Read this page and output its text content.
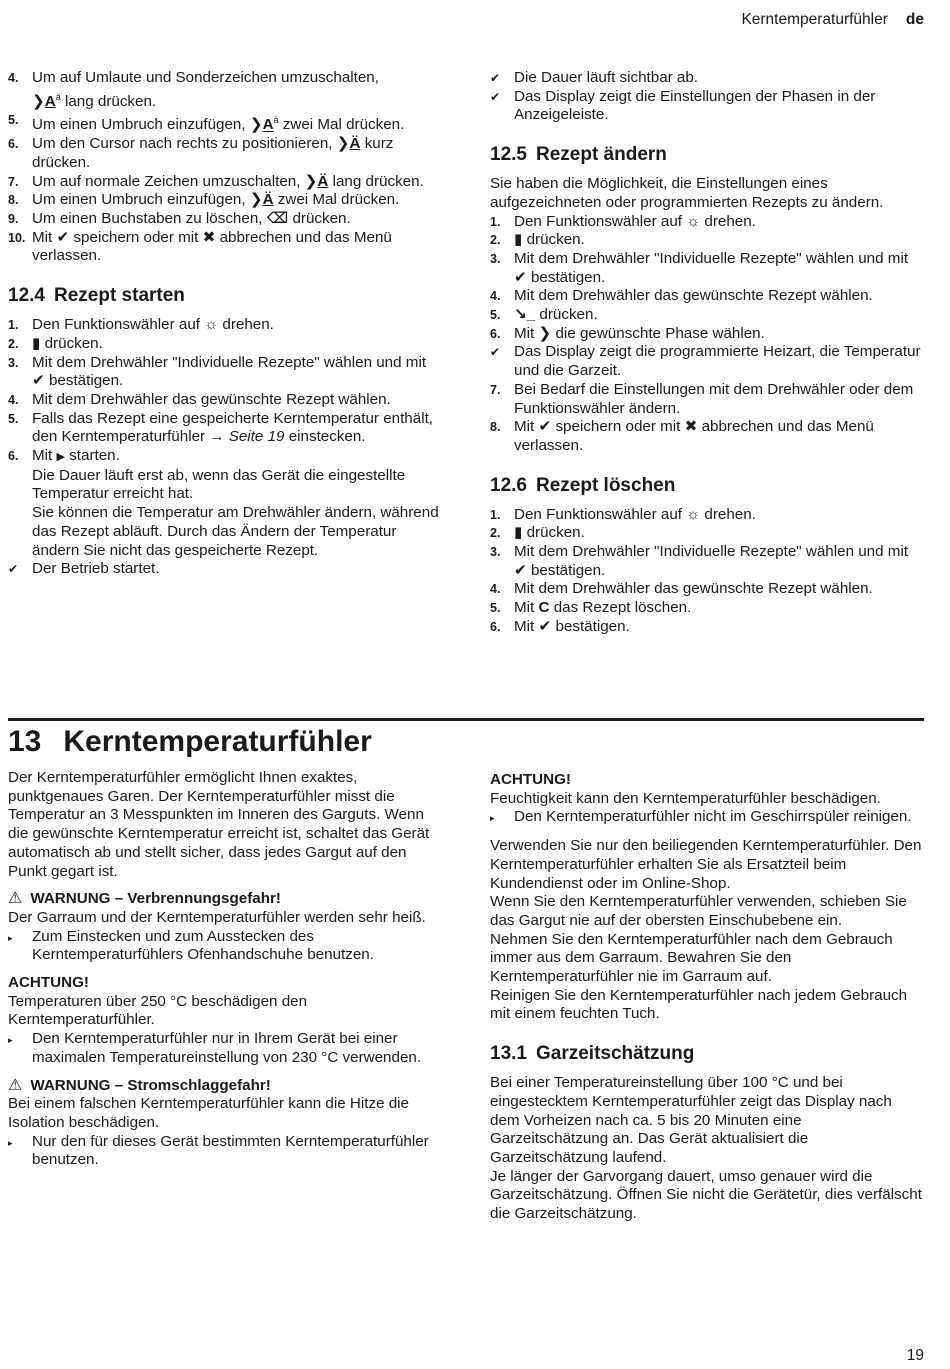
Kerntemperaturfühler de
4. Um auf Umlaute und Sonderzeichen umzuschalten,
$❯A^ä$ lang drücken.
5. Um einen Umbruch einzufügen, $❯A^ä$ zwei Mal drücken.
6. Um den Cursor nach rechts zu positionieren, ❯Ä kurz drücken.
7. Um auf normale Zeichen umzuschalten, ❯Ä lang drücken.
8. Um einen Umbruch einzufügen, ❯Ä zwei Mal drücken.
9. Um einen Buchstaben zu löschen, ⌫ drücken.
10. Mit ✔ speichern oder mit ✖ abbrechen und das Menü verlassen.
12.4 Rezept starten
1. Den Funktionswähler auf ☼ drehen.
2. ▮ drücken.
3. Mit dem Drehwähler "Individuelle Rezepte" wählen und mit ✔ bestätigen.
4. Mit dem Drehwähler das gewünschte Rezept wählen.
5. Falls das Rezept eine gespeicherte Kerntemperatur enthält, den Kerntemperaturfühler → Seite 19 einstecken.
6. Mit ▶ starten.
Die Dauer läuft erst ab, wenn das Gerät die eingestellte Temperatur erreicht hat.
Sie können die Temperatur am Drehwähler ändern, während das Rezept abläuft. Durch das Ändern der Temperatur ändern Sie nicht das gespeicherte Rezept.
✔ Der Betrieb startet.
✔ Die Dauer läuft sichtbar ab.
✔ Das Display zeigt die Einstellungen der Phasen in der Anzeigeleiste.
12.5 Rezept ändern

Sie haben die Möglichkeit, die Einstellungen eines aufgezeichneten oder programmierten Rezepts zu ändern.

1. Den Funktionswähler auf ☼ drehen.
2. ▮ drücken.
3. Mit dem Drehwähler "Individuelle Rezepte" wählen und mit ✔ bestätigen.
4. Mit dem Drehwähler das gewünschte Rezept wählen.
5. ↘_ drücken.
6. Mit ❯ die gewünschte Phase wählen.
✔ Das Display zeigt die programmierte Heizart, die Temperatur und die Garzeit.
7. Bei Bedarf die Einstellungen mit dem Drehwähler oder dem Funktionswähler ändern.
8. Mit ✔ speichern oder mit ✖ abbrechen und das Menü verlassen.
12.6 Rezept löschen
1. Den Funktionswähler auf ☼ drehen.
2. ▮ drücken.
3. Mit dem Drehwähler "Individuelle Rezepte" wählen und mit ✔ bestätigen.
4. Mit dem Drehwähler das gewünschte Rezept wählen.
5. Mit C das Rezept löschen.
6. Mit ✔ bestätigen.
13 Kerntemperaturfühler

Der Kerntemperaturfühler ermöglicht Ihnen exaktes, punktgenaues Garen. Der Kerntemperaturfühler misst die Temperatur an 3 Messpunkten im Inneren des Garguts. Wenn die gewünschte Kerntemperatur erreicht ist, schaltet das Gerät automatisch ab und stellt sicher, dass jedes Gargut auf den Punkt gegart ist.

⚠ WARNUNG – Verbrennungsgefahr!

Der Garraum und der Kerntemperaturfühler werden sehr heiß.

▸	Zum Einstecken und zum Ausstecken des Kerntemperaturfühlers Ofenhandschuhe benutzen.
ACHTUNG!

Temperaturen über 250 °C beschädigen den Kerntemperaturfühler.

▸	Den Kerntemperaturfühler nur in Ihrem Gerät bei einer maximalen Temperatureinstellung von 230 °C verwenden.
⚠ WARNUNG – Stromschlaggefahr!

Bei einem falschen Kerntemperaturfühler kann die Hitze die Isolation beschädigen.

▸	Nur den für dieses Gerät bestimmten Kerntemperaturfühler benutzen.
ACHTUNG!

Feuchtigkeit kann den Kerntemperaturfühler beschädigen.

▸	Den Kerntemperaturfühler nicht im Geschirrspüler reinigen.

Verwenden Sie nur den beiliegenden Kerntemperaturfühler. Den Kerntemperaturfühler erhalten Sie als Ersatzteil beim Kundendienst oder im Online-Shop.

Wenn Sie den Kerntemperaturfühler verwenden, schieben Sie das Gargut nie auf der obersten Einschubebene ein.

Nehmen Sie den Kerntemperaturfühler nach dem Gebrauch immer aus dem Garraum. Bewahren Sie den Kerntemperaturfühler nie im Garraum auf.

Reinigen Sie den Kerntemperaturfühler nach jedem Gebrauch mit einem feuchten Tuch.

13.1 Garzeitschätzung

Bei einer Temperatureinstellung über 100 °C und bei eingestecktem Kerntemperaturfühler zeigt das Display nach dem Vorheizen nach ca. 5 bis 20 Minuten eine Garzeitschätzung an. Das Gerät aktualisiert die Garzeitschätzung laufend.

Je länger der Garvorgang dauert, umso genauer wird die Garzeitschätzung. Öffnen Sie nicht die Gerätetür, dies verfälscht die Garzeitschätzung.

19
